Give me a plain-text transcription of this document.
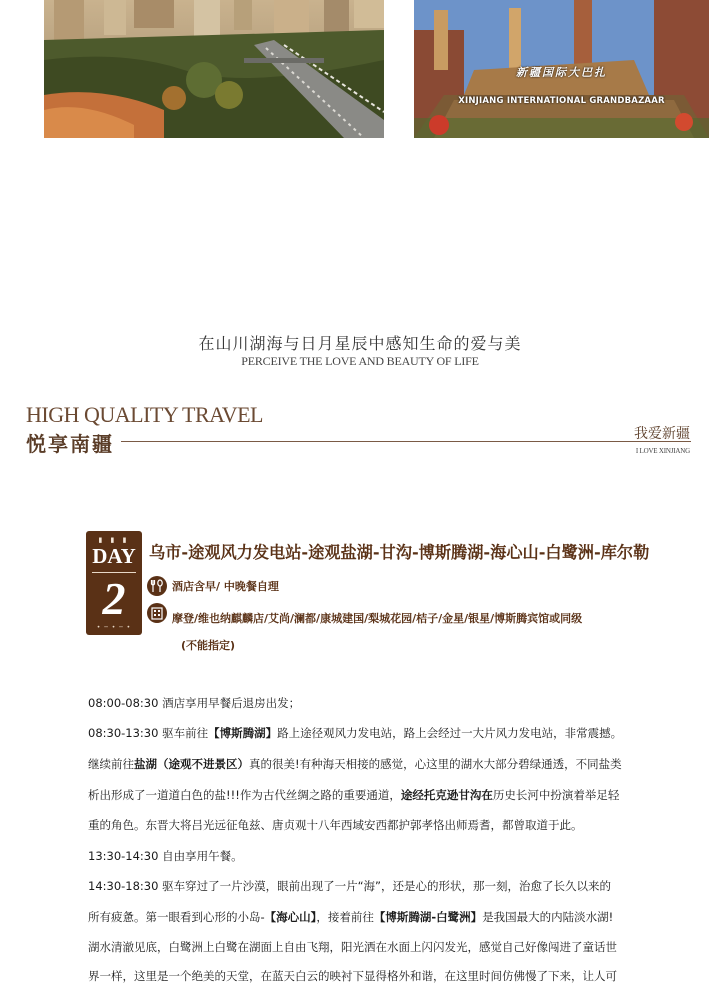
新疆国际大巴扎
XINJIANG INTERNATIONAL GRANDBAZAAR
在山川湖海与日月星辰中感知生命的爱与美
PERCEIVE THE LOVE AND BEAUTY OF LIFE
HIGH QUALITY TRAVEL
悦享南疆	我爱新疆
I LOVE XINJIANG
▮ ▮ ▮
DAY
2
• ─ • ─ •
乌市-途观风力发电站-途观盐湖-甘沟-博斯腾湖-海心山-白鹭洲-库尔勒
酒店含早/ 中晚餐自理
摩登/维也纳麒麟店/艾尚/澜都/康城建国/梨城花园/桔子/金星/银星/博斯腾宾馆或同级
(不能指定)
08:00-08:30 酒店享用早餐后退房出发；
08:30-13:30 驱车前往【博斯腾湖】路上途径观风力发电站，路上会经过一大片风力发电站，非常震撼。
继续前往盐湖（途观不进景区）真的很美!有种海天相接的感觉，心这里的湖水大部分碧绿通透，不同盐类
析出形成了一道道白色的盐!!!作为古代丝绸之路的重要通道，途经托克逊甘沟在历史长河中扮演着举足轻
重的角色。东晋大将吕光远征龟兹、唐贞观十八年西域安西都护郭孝恪出师焉耆，都曾取道于此。
13:30-14:30 自由享用午餐。
14:30-18:30 驱车穿过了一片沙漠，眼前出现了一片“海”，还是心的形状，那一刻，治愈了长久以来的
所有疲惫。第一眼看到心形的小岛-【海心山】，接着前往【博斯腾湖-白鹭洲】是我国最大的内陆淡水湖!
湖水清澈见底，白鹭洲上白鹭在湖面上自由飞翔，阳光洒在水面上闪闪发光，感觉自己好像闯进了童话世
界一样，这里是一个绝美的天堂，在蓝天白云的映衬下显得格外和谐，在这里时间仿佛慢了下来，让人可
